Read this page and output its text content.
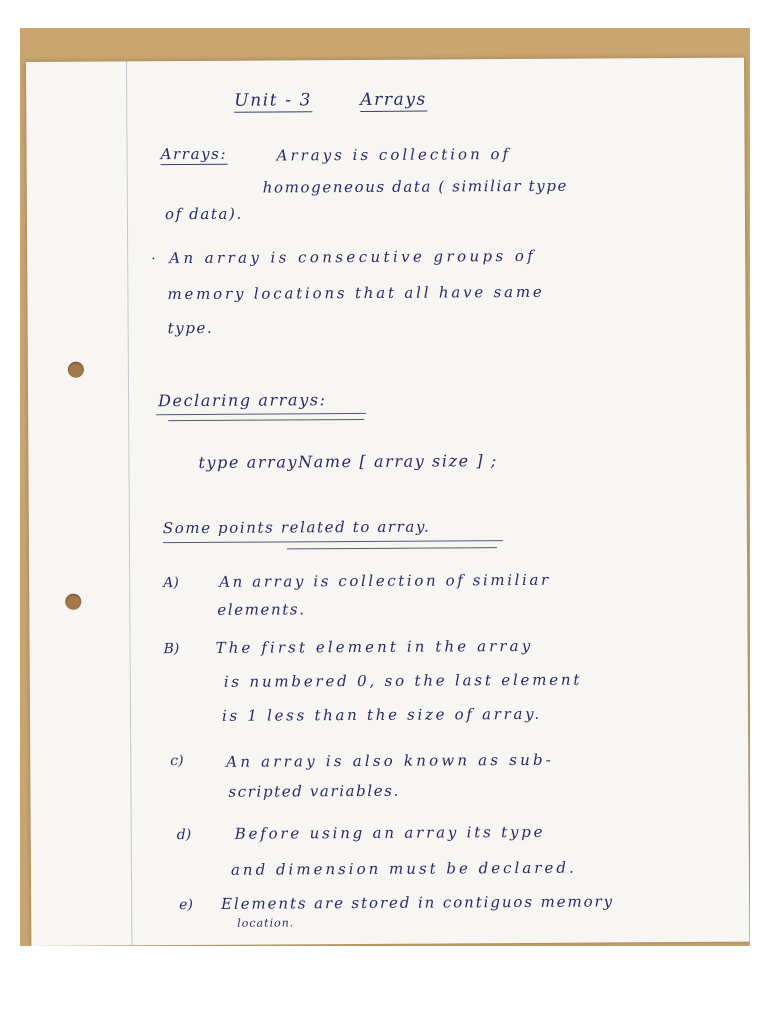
Unit - 3	Arrays
Arrays:	Arrays is collection of
homogeneous data ( similiar type
of data).
· An array is consecutive groups of
memory locations that all have same
type.
Declaring arrays:
type arrayName [ array size ] ;
Some points related to array.
A)	An array is collection of similiar
elements.
B) The first element in the array
is numbered 0, so the last element
is 1 less than the size of array.
c)	An array is also known as sub-
scripted variables.
d)	Before using an array its type
and dimension must be declared.
e) Elements are stored in contiguos memory
location.
